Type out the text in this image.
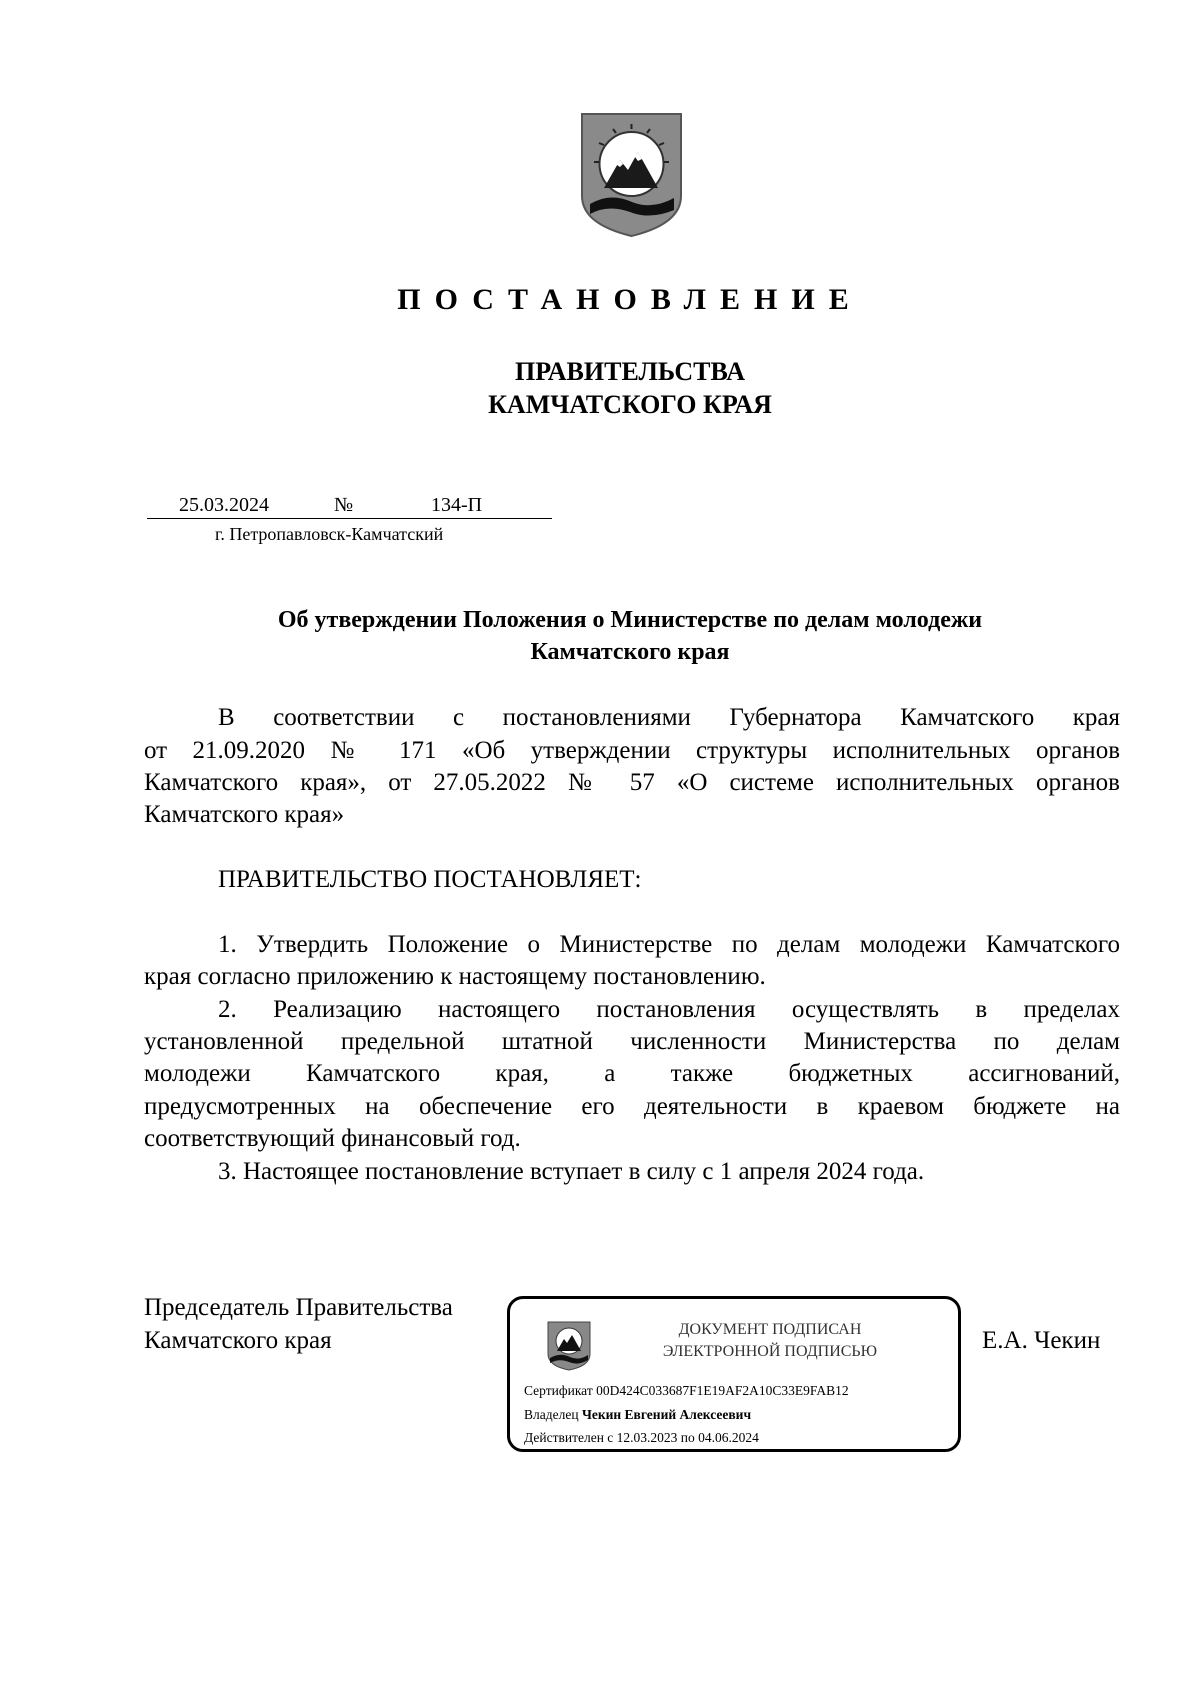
ПОСТАНОВЛЕНИЕ
ПРАВИТЕЛЬСТВА
КАМЧАТСКОГО КРАЯ
25.03.2024	№	134-П
г. Петропавловск-Камчатский
Об утверждении Положения о Министерстве по делам молодежи
Камчатского края
В соответствии с постановлениями Губернатора Камчатского края
от 21.09.2020 № 171 «Об утверждении структуры исполнительных органов
Камчатского края», от 27.05.2022 № 57 «О системе исполнительных органов
Камчатского края»
ПРАВИТЕЛЬСТВО ПОСТАНОВЛЯЕТ:
1. Утвердить Положение о Министерстве по делам молодежи Камчатского
края согласно приложению к настоящему постановлению.
2. Реализацию настоящего постановления осуществлять в пределах
установленной предельной штатной численности Министерства по делам
молодежи Камчатского края, а также бюджетных ассигнований,
предусмотренных на обеспечение его деятельности в краевом бюджете на
соответствующий финансовый год.
3. Настоящее постановление вступает в силу с 1 апреля 2024 года.
Председатель Правительства
Камчатского края	Е.А. Чекин
ДОКУМЕНТ ПОДПИСАН
ЭЛЕКТРОННОЙ ПОДПИСЬЮ
Сертификат 00D424C033687F1E19AF2A10C33E9FAB12
Владелец Чекин Евгений Алексеевич
Действителен с 12.03.2023 по 04.06.2024
